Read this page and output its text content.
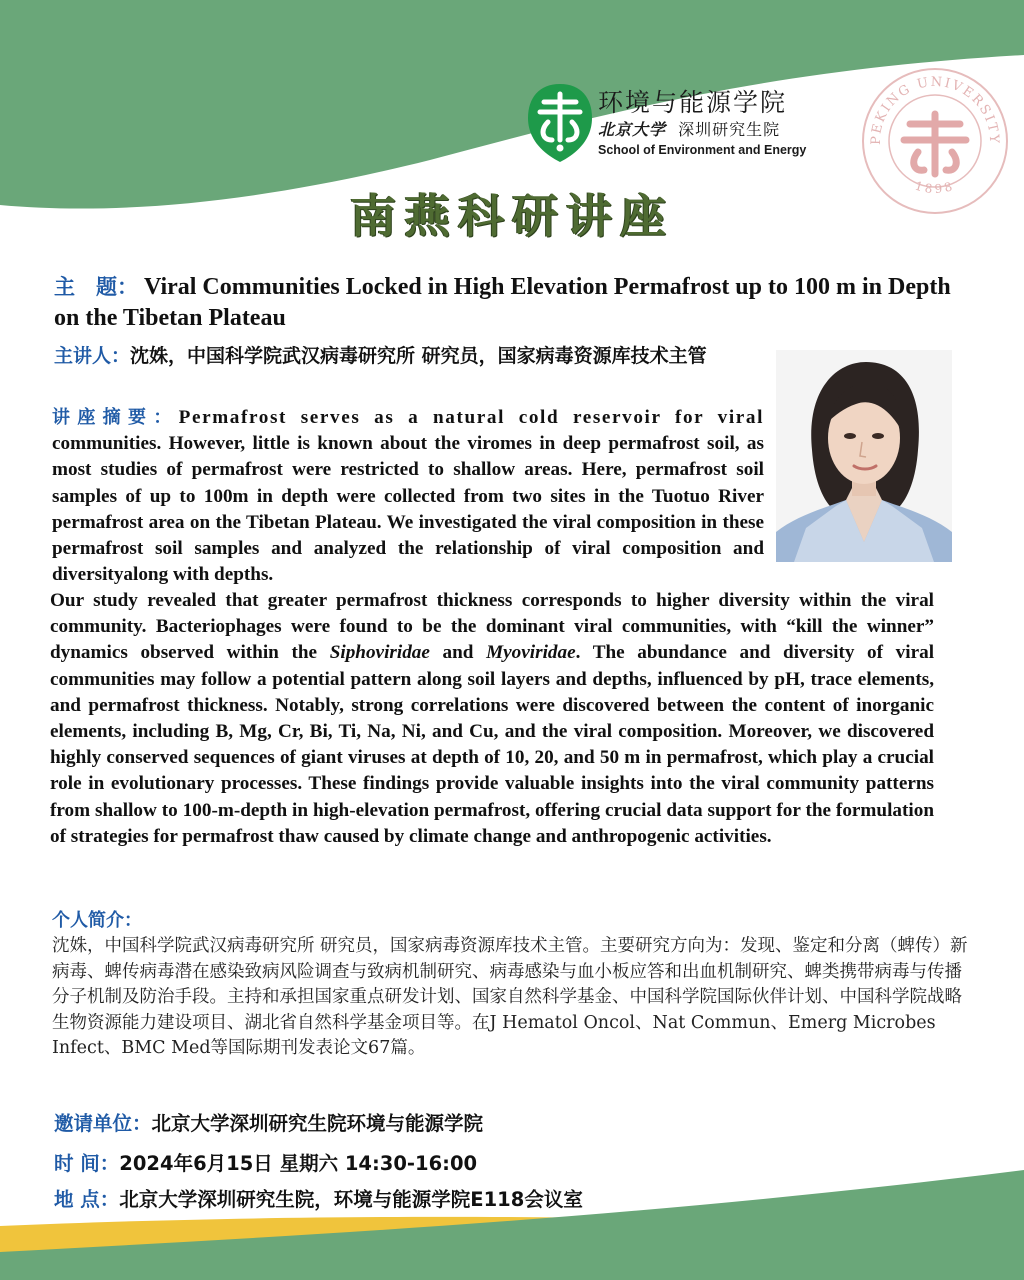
环境与能源学院
北京大学 深圳研究生院
School of Environment and Energy
PEKING UNIVERSITY
1898
南燕科研讲座
主　题： Viral Communities Locked in High Elevation Permafrost up to 100 m in Depth on the Tibetan Plateau
主讲人：沈姝，中国科学院武汉病毒研究所 研究员，国家病毒资源库技术主管
讲座摘要：Permafrost serves as a natural cold reservoir for viral communities. However, little is known about the viromes in deep permafrost soil, as most studies of permafrost were restricted to shallow areas. Here, permafrost soil samples of up to 100m in depth were collected from two sites in the Tuotuo River permafrost area on the Tibetan Plateau. We investigated the viral composition in these permafrost soil samples and analyzed the relationship of viral composition and diversityalong with depths.
Our study revealed that greater permafrost thickness corresponds to higher diversity within the viral community. Bacteriophages were found to be the dominant viral communities, with “kill the winner” dynamics observed within the Siphoviridae and Myoviridae. The abundance and diversity of viral communities may follow a potential pattern along soil layers and depths, influenced by pH, trace elements, and permafrost thickness. Notably, strong correlations were discovered between the content of inorganic elements, including B, Mg, Cr, Bi, Ti, Na, Ni, and Cu, and the viral composition. Moreover, we discovered highly conserved sequences of giant viruses at depth of 10, 20, and 50 m in permafrost, which play a crucial role in evolutionary processes. These findings provide valuable insights into the viral community patterns from shallow to 100-m-depth in high-elevation permafrost, offering crucial data support for the formulation of strategies for permafrost thaw caused by climate change and anthropogenic activities.
个人简介：
沈姝，中国科学院武汉病毒研究所 研究员，国家病毒资源库技术主管。主要研究方向为：发现、鉴定和分离（蜱传）新病毒、蜱传病毒潜在感染致病风险调查与致病机制研究、病毒感染与血小板应答和出血机制研究、蜱类携带病毒与传播分子机制及防治手段。主持和承担国家重点研发计划、国家自然科学基金、中国科学院国际伙伴计划、中国科学院战略生物资源能力建设项目、湖北省自然科学基金项目等。在J Hematol Oncol、Nat Commun、Emerg Microbes Infect、BMC Med等国际期刊发表论文67篇。
邀请单位：北京大学深圳研究生院环境与能源学院
时 间：2024年6月15日 星期六 14:30-16:00
地 点：北京大学深圳研究生院，环境与能源学院E118会议室
